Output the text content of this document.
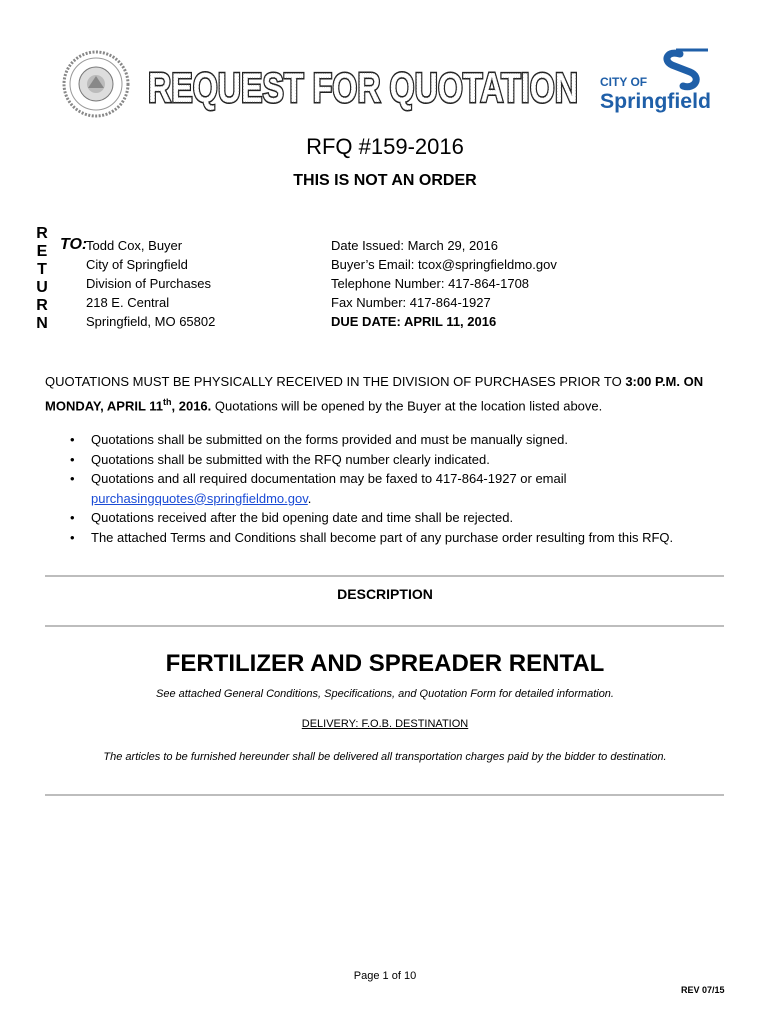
REQUEST FOR QUOTATION
REQUEST FOR QUOTATION CITY OF
Springfield
RFQ #159-2016
THIS IS NOT AN ORDER
R
E
T
U
R
N
TO:
Todd Cox, Buyer
City of Springfield
Division of Purchases
218 E. Central
Springfield, MO 65802
Date Issued: March 29, 2016
Buyer’s Email: tcox@springfieldmo.gov
Telephone Number: 417-864-1708
Fax Number: 417-864-1927
DUE DATE: APRIL 11, 2016
QUOTATIONS MUST BE PHYSICALLY RECEIVED IN THE DIVISION OF PURCHASES PRIOR TO 3:00 P.M. ON MONDAY, APRIL 11th, 2016. Quotations will be opened by the Buyer at the location listed above.
• Quotations shall be submitted on the forms provided and must be manually signed.
• Quotations shall be submitted with the RFQ number clearly indicated.
• Quotations and all required documentation may be faxed to 417-864-1927 or email
purchasingquotes@springfieldmo.gov.
• Quotations received after the bid opening date and time shall be rejected.
• The attached Terms and Conditions shall become part of any purchase order resulting from this RFQ.
DESCRIPTION
FERTILIZER AND SPREADER RENTAL
See attached General Conditions, Specifications, and Quotation Form for detailed information.
DELIVERY: F.O.B. DESTINATION
The articles to be furnished hereunder shall be delivered all transportation charges paid by the bidder to destination.
Page 1 of 10
REV 07/15
